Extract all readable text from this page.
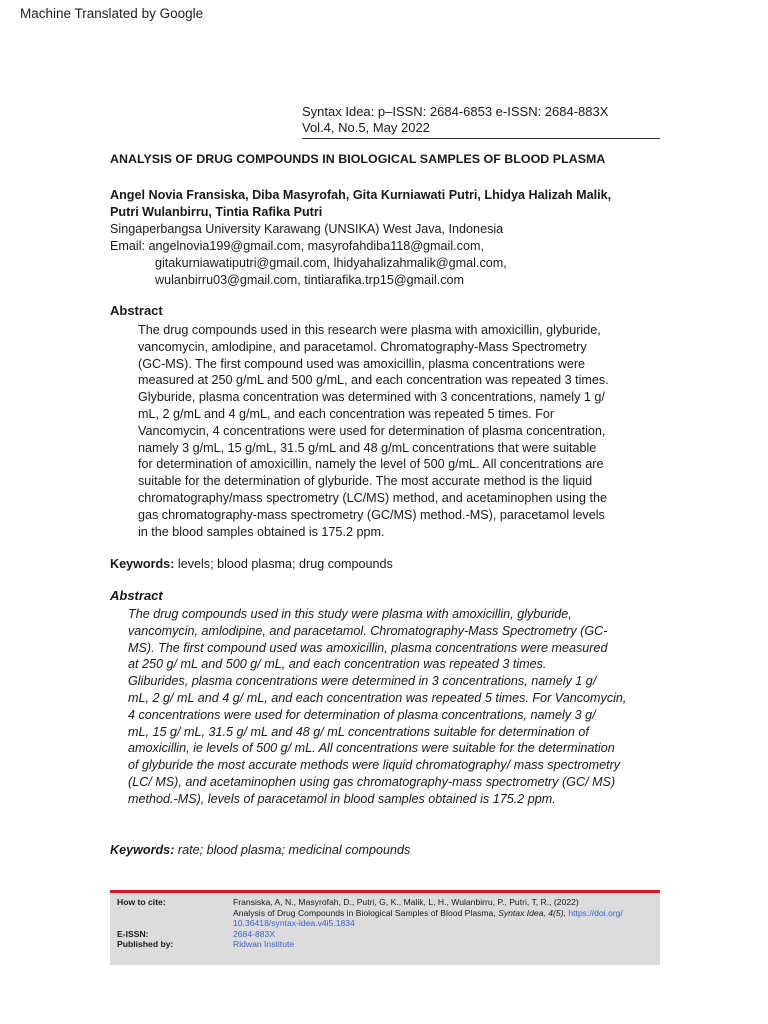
Machine Translated by Google
Syntax Idea: p–ISSN: 2684-6853 e-ISSN: 2684-883X
Vol.4, No.5, May 2022
ANALYSIS OF DRUG COMPOUNDS IN BIOLOGICAL SAMPLES OF BLOOD PLASMA
Angel Novia Fransiska, Diba Masyrofah, Gita Kurniawati Putri, Lhidya Halizah Malik,
Putri Wulanbirru, Tintia Rafika Putri
Singaperbangsa University Karawang (UNSIKA) West Java, Indonesia
Email: angelnovia199@gmail.com, masyrofahdiba118@gmail.com,
gitakurniawatiputri@gmail.com, lhidyahalizahmalik@gmal.com,
wulanbirru03@gmail.com, tintiarafika.trp15@gmail.com
Abstract
The drug compounds used in this research were plasma with amoxicillin, glyburide,
vancomycin, amlodipine, and paracetamol. Chromatography-Mass Spectrometry
(GC-MS). The first compound used was amoxicillin, plasma concentrations were
measured at 250 g/mL and 500 g/mL, and each concentration was repeated 3 times.
Glyburide, plasma concentration was determined with 3 concentrations, namely 1 g/
mL, 2 g/mL and 4 g/mL, and each concentration was repeated 5 times. For
Vancomycin, 4 concentrations were used for determination of plasma concentration,
namely 3 g/mL, 15 g/mL, 31.5 g/mL and 48 g/mL concentrations that were suitable
for determination of amoxicillin, namely the level of 500 g/mL. All concentrations are
suitable for the determination of glyburide. The most accurate method is the liquid
chromatography/mass spectrometry (LC/MS) method, and acetaminophen using the
gas chromatography-mass spectrometry (GC/MS) method.-MS), paracetamol levels
in the blood samples obtained is 175.2 ppm.
Keywords: levels; blood plasma; drug compounds
Abstract
The drug compounds used in this study were plasma with amoxicillin, glyburide,
vancomycin, amlodipine, and paracetamol. Chromatography-Mass Spectrometry (GC-
MS). The first compound used was amoxicillin, plasma concentrations were measured
at 250 g/ mL and 500 g/ mL, and each concentration was repeated 3 times.
Gliburides, plasma concentrations were determined in 3 concentrations, namely 1 g/
mL, 2 g/ mL and 4 g/ mL, and each concentration was repeated 5 times. For Vancomycin,
4 concentrations were used for determination of plasma concentrations, namely 3 g/
mL, 15 g/ mL, 31.5 g/ mL and 48 g/ mL concentrations suitable for determination of
amoxicillin, ie levels of 500 g/ mL. All concentrations were suitable for the determination
of glyburide the most accurate methods were liquid chromatography/ mass spectrometry
(LC/ MS), and acetaminophen using gas chromatography-mass spectrometry (GC/ MS)
method.-MS), levels of paracetamol in blood samples obtained is 175.2 ppm.
Keywords: rate; blood plasma; medicinal compounds
How to cite:
E-ISSN:
Published by:
Fransiska, A, N., Masyrofah, D., Putri, G, K., Malik, L, H., Wulanbirru, P., Putri, T, R., (2022)
Analysis of Drug Compounds in Biological Samples of Blood Plasma, Syntax Idea, 4(5), https://doi.org/
10.36418/syntax-idea.v4i5.1834
2684-883X
Ridwan Institute
